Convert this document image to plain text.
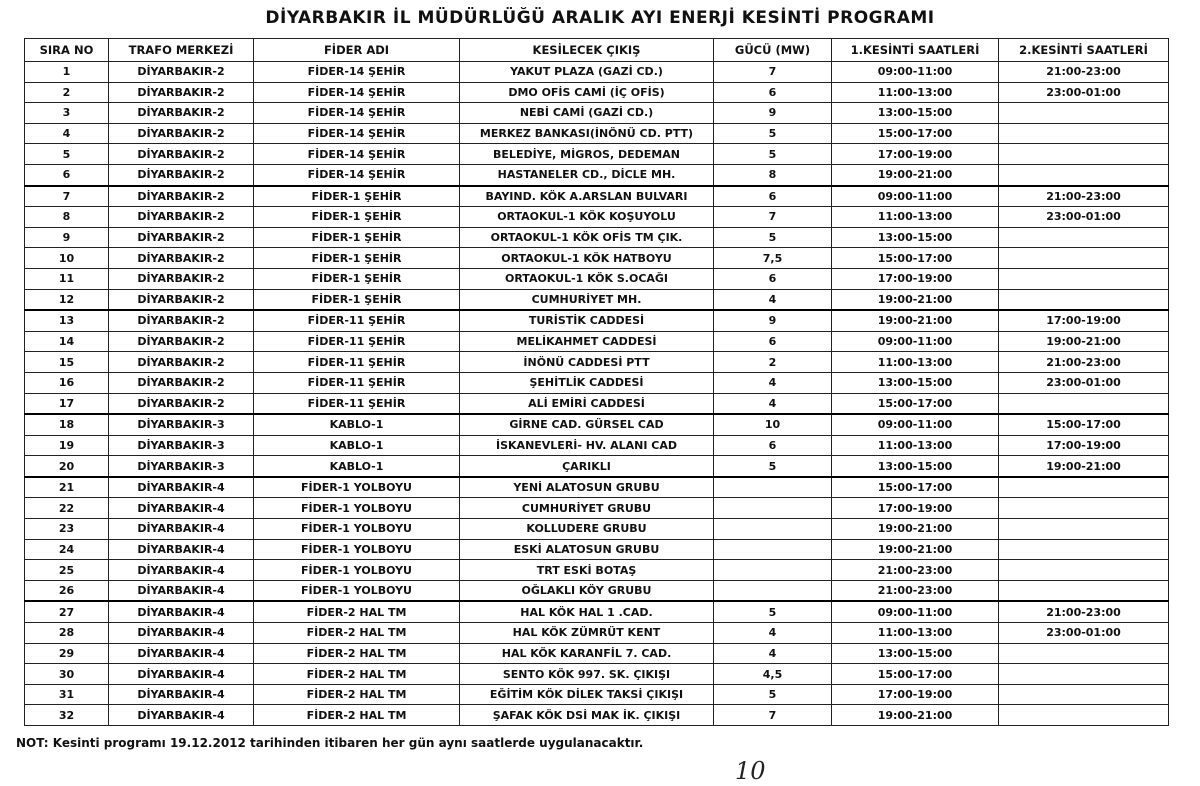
DİYARBAKIR İL MÜDÜRLÜĞÜ ARALIK AYI ENERJİ KESİNTİ PROGRAMI
SIRA NO	TRAFO MERKEZİ	FİDER ADI	KESİLECEK ÇIKIŞ	GÜCÜ (MW)	1.KESİNTİ SAATLERİ	2.KESİNTİ SAATLERİ
1	DİYARBAKIR-2	FİDER-14 ŞEHİR	YAKUT PLAZA (GAZİ CD.)	7	09:00-11:00	21:00-23:00
2	DİYARBAKIR-2	FİDER-14 ŞEHİR	DMO OFİS CAMİ (İÇ OFİS)	6	11:00-13:00	23:00-01:00
3	DİYARBAKIR-2	FİDER-14 ŞEHİR	NEBİ CAMİ (GAZİ CD.)	9	13:00-15:00	
4	DİYARBAKIR-2	FİDER-14 ŞEHİR	MERKEZ BANKASI(İNÖNÜ CD. PTT)	5	15:00-17:00	
5	DİYARBAKIR-2	FİDER-14 ŞEHİR	BELEDİYE, MİGROS, DEDEMAN	5	17:00-19:00	
6	DİYARBAKIR-2	FİDER-14 ŞEHİR	HASTANELER CD., DİCLE MH.	8	19:00-21:00	
7	DİYARBAKIR-2	FİDER-1 ŞEHİR	BAYIND. KÖK A.ARSLAN BULVARI	6	09:00-11:00	21:00-23:00
8	DİYARBAKIR-2	FİDER-1 ŞEHİR	ORTAOKUL-1 KÖK KOŞUYOLU	7	11:00-13:00	23:00-01:00
9	DİYARBAKIR-2	FİDER-1 ŞEHİR	ORTAOKUL-1 KÖK OFİS TM ÇIK.	5	13:00-15:00	
10	DİYARBAKIR-2	FİDER-1 ŞEHİR	ORTAOKUL-1 KÖK HATBOYU	7,5	15:00-17:00	
11	DİYARBAKIR-2	FİDER-1 ŞEHİR	ORTAOKUL-1 KÖK S.OCAĞI	6	17:00-19:00	
12	DİYARBAKIR-2	FİDER-1 ŞEHİR	CUMHURİYET MH.	4	19:00-21:00	
13	DİYARBAKIR-2	FİDER-11 ŞEHİR	TURİSTİK CADDESİ	9	19:00-21:00	17:00-19:00
14	DİYARBAKIR-2	FİDER-11 ŞEHİR	MELİKAHMET CADDESİ	6	09:00-11:00	19:00-21:00
15	DİYARBAKIR-2	FİDER-11 ŞEHİR	İNÖNÜ CADDESİ PTT	2	11:00-13:00	21:00-23:00
16	DİYARBAKIR-2	FİDER-11 ŞEHİR	ŞEHİTLİK CADDESİ	4	13:00-15:00	23:00-01:00
17	DİYARBAKIR-2	FİDER-11 ŞEHİR	ALİ EMİRİ CADDESİ	4	15:00-17:00	
18	DİYARBAKIR-3	KABLO-1	GİRNE CAD. GÜRSEL CAD	10	09:00-11:00	15:00-17:00
19	DİYARBAKIR-3	KABLO-1	İSKANEVLERİ- HV. ALANI CAD	6	11:00-13:00	17:00-19:00
20	DİYARBAKIR-3	KABLO-1	ÇARIKLI	5	13:00-15:00	19:00-21:00
21	DİYARBAKIR-4	FİDER-1 YOLBOYU	YENİ ALATOSUN GRUBU		15:00-17:00	
22	DİYARBAKIR-4	FİDER-1 YOLBOYU	CUMHURİYET GRUBU		17:00-19:00	
23	DİYARBAKIR-4	FİDER-1 YOLBOYU	KOLLUDERE GRUBU		19:00-21:00	
24	DİYARBAKIR-4	FİDER-1 YOLBOYU	ESKİ ALATOSUN GRUBU		19:00-21:00	
25	DİYARBAKIR-4	FİDER-1 YOLBOYU	TRT ESKİ BOTAŞ		21:00-23:00	
26	DİYARBAKIR-4	FİDER-1 YOLBOYU	OĞLAKLI KÖY GRUBU		21:00-23:00	
27	DİYARBAKIR-4	FİDER-2 HAL TM	HAL KÖK HAL 1 .CAD.	5	09:00-11:00	21:00-23:00
28	DİYARBAKIR-4	FİDER-2 HAL TM	HAL KÖK ZÜMRÜT KENT	4	11:00-13:00	23:00-01:00
29	DİYARBAKIR-4	FİDER-2 HAL TM	HAL KÖK KARANFİL 7. CAD.	4	13:00-15:00	
30	DİYARBAKIR-4	FİDER-2 HAL TM	SENTO KÖK 997. SK. ÇIKIŞI	4,5	15:00-17:00	
31	DİYARBAKIR-4	FİDER-2 HAL TM	EĞİTİM KÖK DİLEK TAKSİ ÇIKIŞI	5	17:00-19:00	
32	DİYARBAKIR-4	FİDER-2 HAL TM	ŞAFAK KÖK DSİ MAK İK. ÇIKIŞI	7	19:00-21:00	
NOT: Kesinti programı 19.12.2012 tarihinden itibaren her gün aynı saatlerde uygulanacaktır.
10
